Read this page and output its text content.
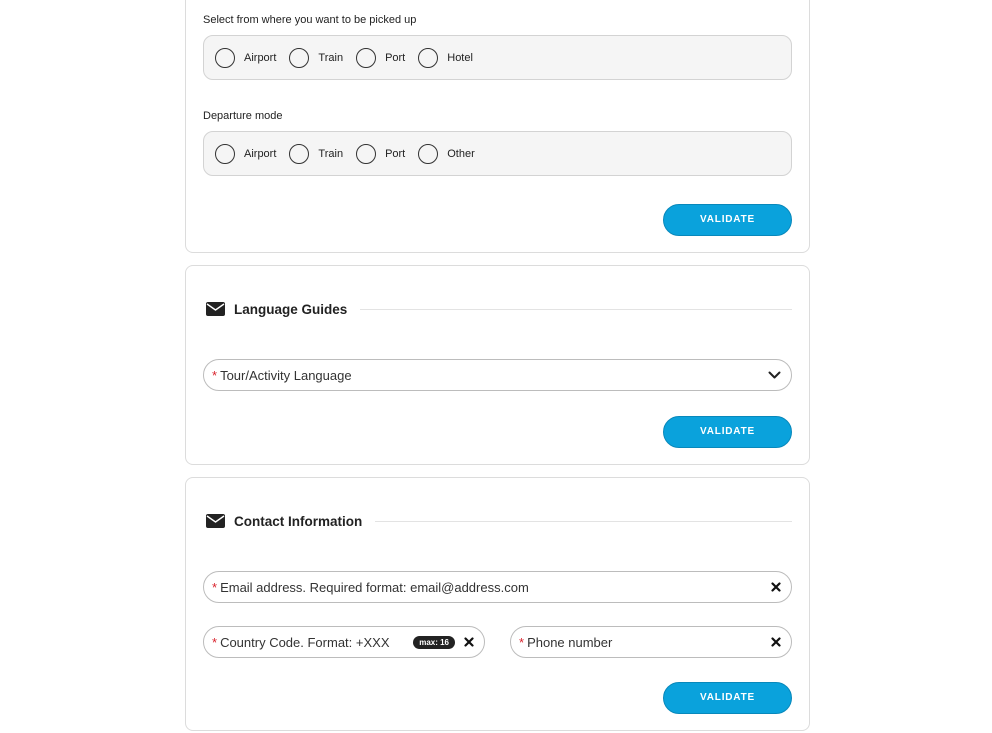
Select from where you want to be picked up
Airport	Train	Port	Hotel
Departure mode
Airport	Train	Port	Other
VALIDATE
Language Guides
* Tour/Activity Language
VALIDATE
Contact Information
* Email address. Required format: email@address.com
* Country Code. Format: +XXX	max: 16	* Phone number
VALIDATE
